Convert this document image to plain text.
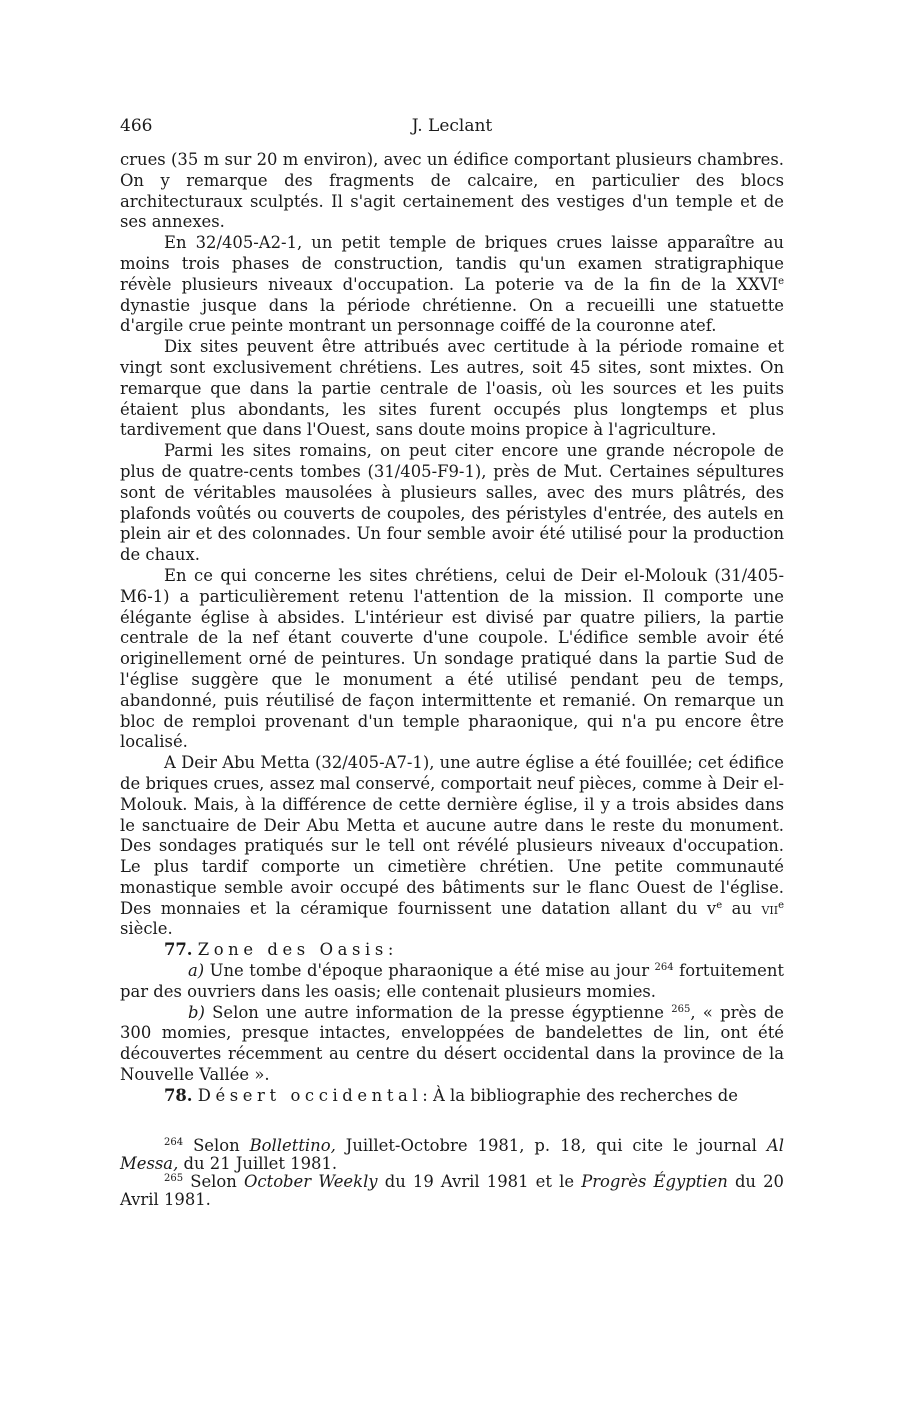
466	J. Leclant

crues (35 m sur 20 m environ), avec un édifice comportant plusieurs chambres. On y remarque des fragments de calcaire, en particulier des blocs architecturaux sculptés. Il s'agit certainement des vestiges d'un temple et de ses annexes.

En 32/405-A2-1, un petit temple de briques crues laisse apparaître au moins trois phases de construction, tandis qu'un examen stratigraphique révèle plusieurs niveaux d'occupation. La poterie va de la fin de la XXVIe dynastie jusque dans la période chrétienne. On a recueilli une statuette d'argile crue peinte montrant un personnage coiffé de la couronne atef.

Dix sites peuvent être attribués avec certitude à la période romaine et vingt sont exclusivement chrétiens. Les autres, soit 45 sites, sont mixtes. On remarque que dans la partie centrale de l'oasis, où les sources et les puits étaient plus abondants, les sites furent occupés plus longtemps et plus tardivement que dans l'Ouest, sans doute moins propice à l'agriculture.

Parmi les sites romains, on peut citer encore une grande nécropole de plus de quatre-cents tombes (31/405-F9-1), près de Mut. Certaines sépultures sont de véritables mausolées à plusieurs salles, avec des murs plâtrés, des plafonds voûtés ou couverts de coupoles, des péristyles d'entrée, des autels en plein air et des colonnades. Un four semble avoir été utilisé pour la production de chaux.

En ce qui concerne les sites chrétiens, celui de Deir el-Molouk (31/405-M6-1) a particulièrement retenu l'attention de la mission. Il comporte une élégante église à absides. L'intérieur est divisé par quatre piliers, la partie centrale de la nef étant couverte d'une coupole. L'édifice semble avoir été originellement orné de peintures. Un sondage pratiqué dans la partie Sud de l'église suggère que le monument a été utilisé pendant peu de temps, abandonné, puis réutilisé de façon intermittente et remanié. On remarque un bloc de remploi provenant d'un temple pharaonique, qui n'a pu encore être localisé.

A Deir Abu Metta (32/405-A7-1), une autre église a été fouillée; cet édifice de briques crues, assez mal conservé, comportait neuf pièces, comme à Deir el-Molouk. Mais, à la différence de cette dernière église, il y a trois absides dans le sanctuaire de Deir Abu Metta et aucune autre dans le reste du monument. Des sondages pratiqués sur le tell ont révélé plusieurs niveaux d'occupation. Le plus tardif comporte un cimetière chrétien. Une petite communauté monastique semble avoir occupé des bâtiments sur le flanc Ouest de l'église. Des monnaies et la céramique fournissent une datation allant du $v^e$ au vii$^e$ siècle.

77. Zone des Oasis:

a) Une tombe d'époque pharaonique a été mise au jour $^{264}$ fortuitement par des ouvriers dans les oasis; elle contenait plusieurs momies.

b) Selon une autre information de la presse égyptienne $^{265}$, « près de 300 momies, presque intactes, enveloppées de bandelettes de lin, ont été découvertes récemment au centre du désert occidental dans la province de la Nouvelle Vallée ».

78. Désert occidental: À la bibliographie des recherches de

$^{264}$ Selon Bollettino, Juillet-Octobre 1981, p. 18, qui cite le journal Al Messa, du 21 Juillet 1981.

$^{265}$ Selon October Weekly du 19 Avril 1981 et le Progrès Égyptien du 20 Avril 1981.
